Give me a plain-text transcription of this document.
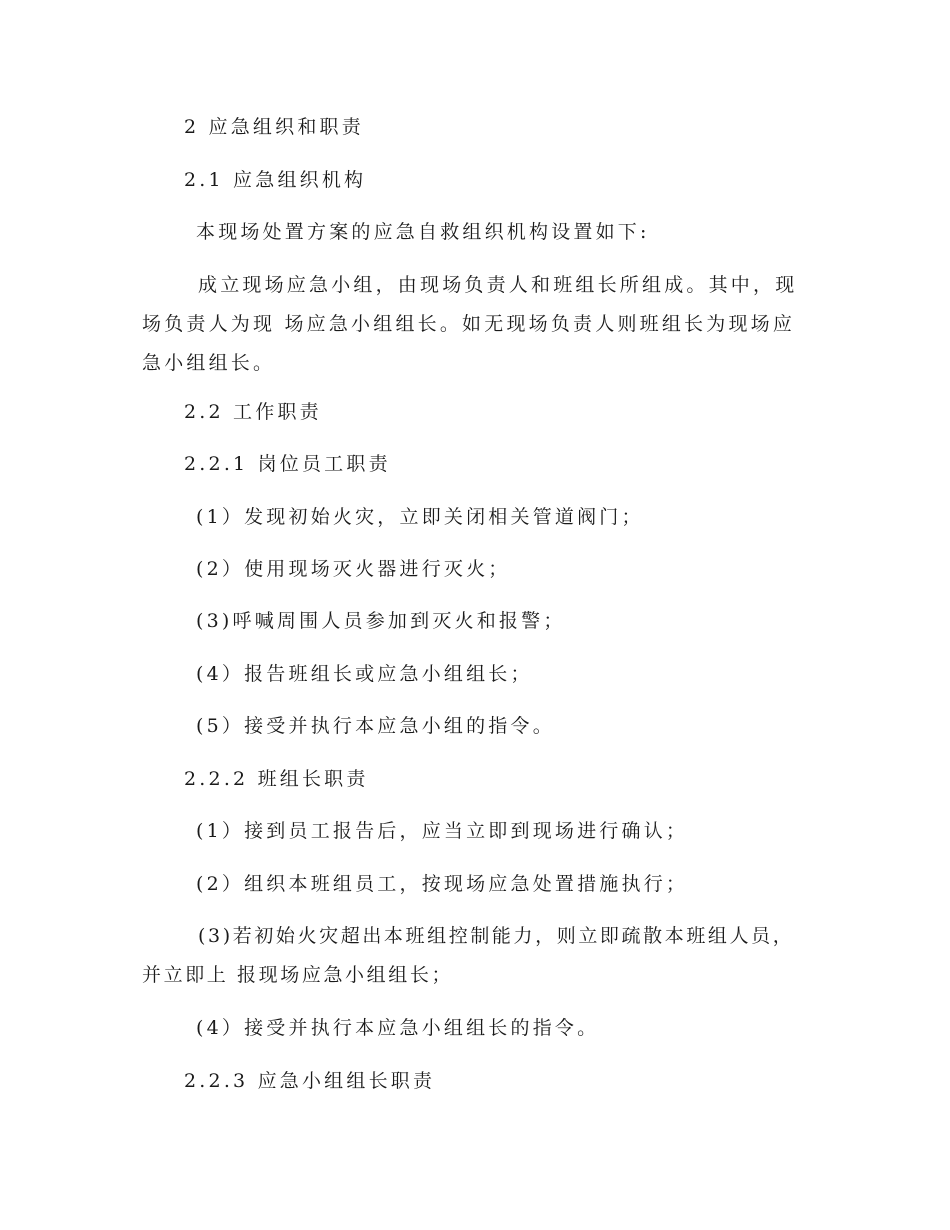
2 应急组织和职责
2.1 应急组织机构
本现场处置方案的应急自救组织机构设置如下:
成立现场应急小组，由现场负责人和班组长所组成。其中，现场负责人为现 场应急小组组长。如无现场负责人则班组长为现场应急小组组长。
2.2 工作职责
2.2.1 岗位员工职责
(1）发现初始火灾，立即关闭相关管道阀门；
(2）使用现场灭火器进行灭火；
(3)呼喊周围人员参加到灭火和报警；
(4）报告班组长或应急小组组长；
(5）接受并执行本应急小组的指令。
2.2.2 班组长职责
(1）接到员工报告后，应当立即到现场进行确认；
(2）组织本班组员工，按现场应急处置措施执行；
(3)若初始火灾超出本班组控制能力，则立即疏散本班组人员，并立即上 报现场应急小组组长；
(4）接受并执行本应急小组组长的指令。
2.2.3 应急小组组长职责
